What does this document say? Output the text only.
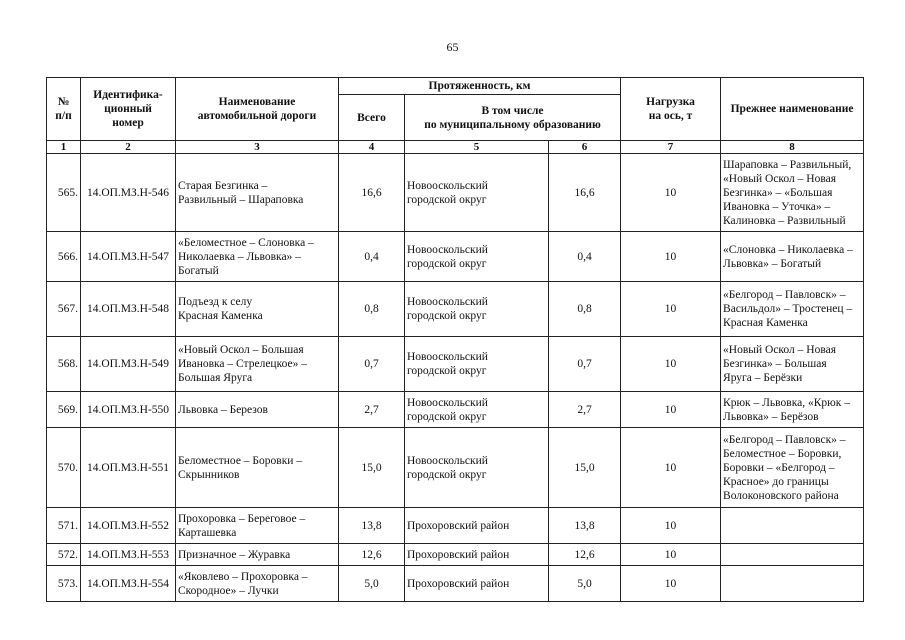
65
№
п/п	Идентифика-
ционный
номер	Наименование
автомобильной дороги	Протяженность, км			Нагрузка
на ось, т	Прежнее наименование
			Всего	В том числе
по муниципальному образованию			
1	2	3	4	5	6	7	8
565.	14.ОП.МЗ.Н-546	Старая Безгинка –
Развильный – Шараповка	16,6	Новооскольский
городской округ	16,6	10	Шараповка – Развильный,
«Новый Оскол – Новая
Безгинка» – «Большая
Ивановка – Уточка» –
Калиновка – Развильный
566.	14.ОП.МЗ.Н-547	«Беломестное – Слоновка –
Николаевка – Львовка» –
Богатый	0,4	Новооскольский
городской округ	0,4	10	«Слоновка – Николаевка –
Львовка» – Богатый
567.	14.ОП.МЗ.Н-548	Подъезд к селу
Красная Каменка	0,8	Новооскольский
городской округ	0,8	10	«Белгород – Павловск» –
Васильдол» – Тростенец –
Красная Каменка
568.	14.ОП.МЗ.Н-549	«Новый Оскол – Большая
Ивановка – Стрелецкое» –
Большая Яруга	0,7	Новооскольский
городской округ	0,7	10	«Новый Оскол – Новая
Безгинка» – Большая
Яруга – Берёзки
569.	14.ОП.МЗ.Н-550	Львовка – Березов	2,7	Новооскольский
городской округ	2,7	10	Крюк – Львовка, «Крюк –
Львовка» – Берёзов
570.	14.ОП.МЗ.Н-551	Беломестное – Боровки –
Скрынников	15,0	Новооскольский
городской округ	15,0	10	«Белгород – Павловск» –
Беломестное – Боровки,
Боровки – «Белгород –
Красное» до границы
Волоконовского района
571.	14.ОП.МЗ.Н-552	Прохоровка – Береговое –
Карташевка	13,8	Прохоровский район	13,8	10	
572.	14.ОП.МЗ.Н-553	Призначное – Журавка	12,6	Прохоровский район	12,6	10	
573.	14.ОП.МЗ.Н-554	«Яковлево – Прохоровка –
Скородное» – Лучки	5,0	Прохоровский район	5,0	10	
